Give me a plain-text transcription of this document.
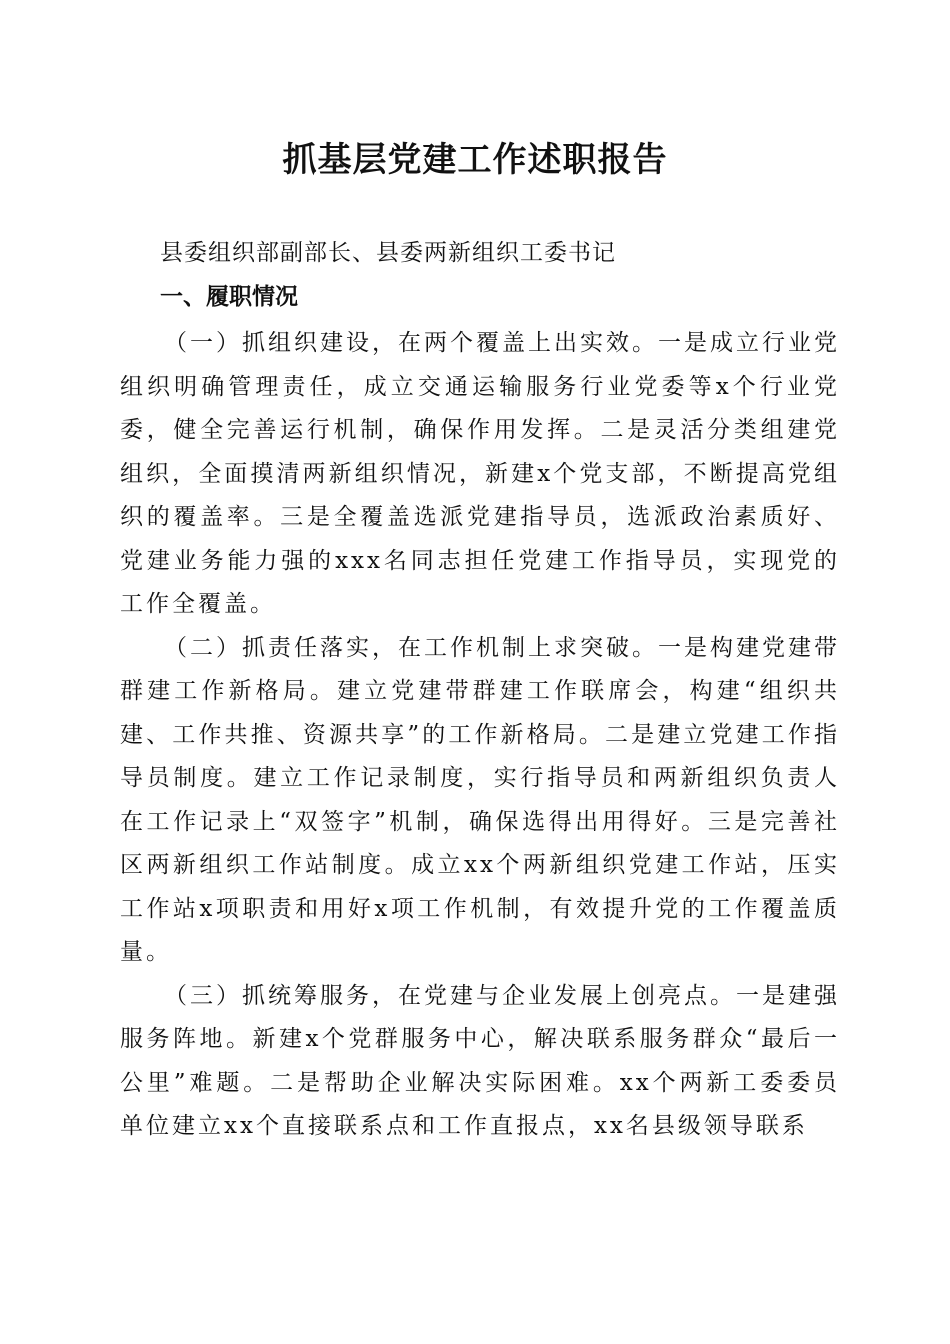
抓基层党建工作述职报告
县委组织部副部长、县委两新组织工委书记
一、履职情况

（一）抓组织建设，在两个覆盖上出实效。一是成立行业党组织明确管理责任，成立交通运输服务行业党委等x个行业党委，健全完善运行机制，确保作用发挥。二是灵活分类组建党组织，全面摸清两新组织情况，新建x个党支部，不断提高党组织的覆盖率。三是全覆盖选派党建指导员，选派政治素质好、党建业务能力强的xxx名同志担任党建工作指导员，实现党的工作全覆盖。

（二）抓责任落实，在工作机制上求突破。一是构建党建带群建工作新格局。建立党建带群建工作联席会，构建“组织共建、工作共推、资源共享”的工作新格局。二是建立党建工作指导员制度。建立工作记录制度，实行指导员和两新组织负责人在工作记录上“双签字”机制，确保选得出用得好。三是完善社区两新组织工作站制度。成立xx个两新组织党建工作站，压实工作站x项职责和用好x项工作机制，有效提升党的工作覆盖质量。

（三）抓统筹服务，在党建与企业发展上创亮点。一是建强服务阵地。新建x个党群服务中心，解决联系服务群众“最后一公里”难题。二是帮助企业解决实际困难。xx个两新工委委员单位建立xx个直接联系点和工作直报点，xx名县级领导联系
